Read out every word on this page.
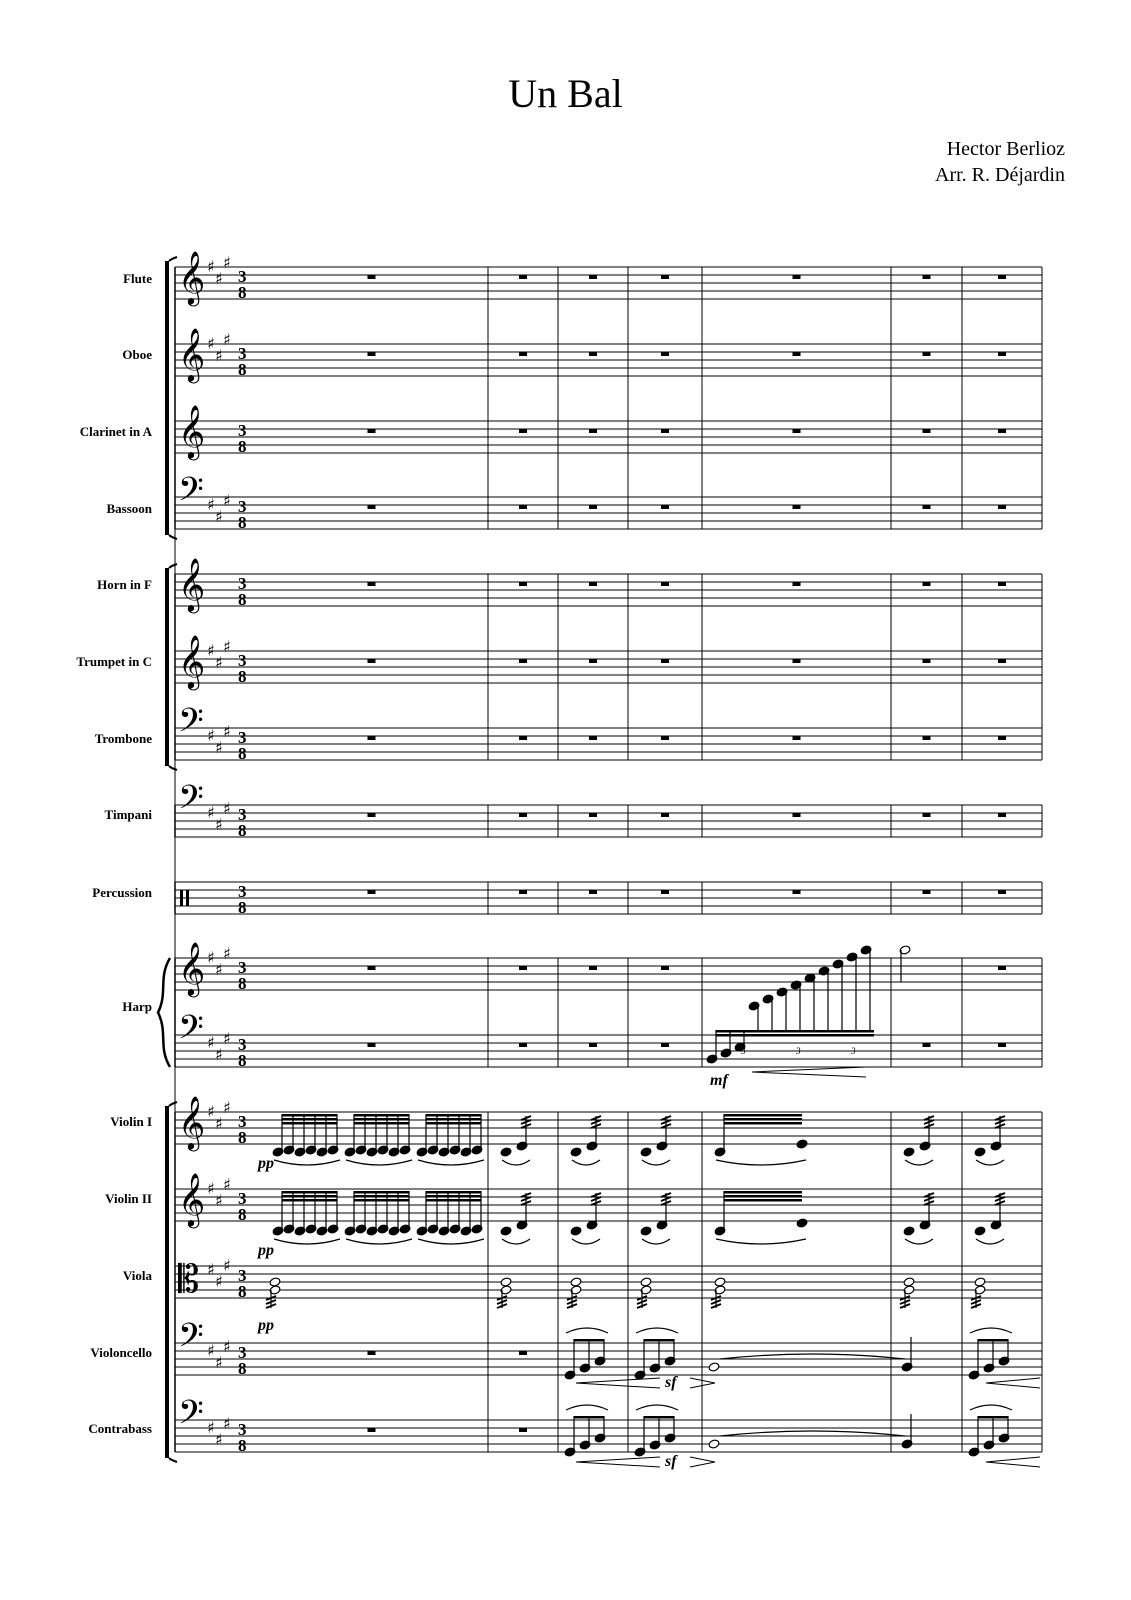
Un Bal
Hector Berlioz
Arr. R. Déjardin
𝄞 ♯
♯
♯
3
8
𝄞 ♯
♯
♯
3
8
𝄞 3
8
𝄢 ♯
♯
♯ 3
8
𝄞 3
8
𝄞 ♯
♯
♯
3
8
𝄢 ♯
♯
♯ 3
8
𝄢 ♯
♯
♯ 3
8
3
8
𝄞 ♯
♯
♯
3
8
𝄢 ♯
♯
♯ 3
8
𝄞 ♯
♯
♯
3
8
𝄞 ♯
♯
♯
3
8
𝄡 ♯
♯
♯
3
8
𝄢 ♯
♯
♯ 3
8
𝄢 ♯
♯
♯ 3
8
3	3	3
Flute
Oboe
Clarinet in A
Bassoon
Horn in F
Trumpet in C
Trombone
Timpani
Percussion
Harp
Violin I
Violin II
Viola
Violoncello
Contrabass
mf
pp
pp
pp
sf
sf
